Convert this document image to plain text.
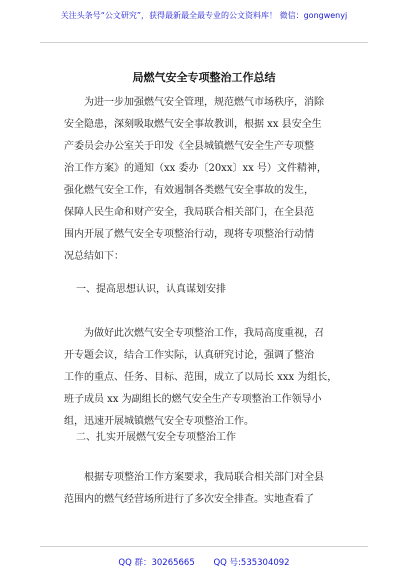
关注头条号“公文研究”，获得最新最全最专业的公文资料库！ 微信：gongwenyj
局燃气安全专项整治工作总结
为进一步加强燃气安全管理，规范燃气市场秩序，消除
安全隐患，深刻吸取燃气安全事故教训，根据 xx 县安全生
产委员会办公室关于印发《全县城镇燃气安全生产专项整
治工作方案》的通知（xx 委办〔20xx〕xx 号）文件精神，
强化燃气安全工作，有效遏制各类燃气安全事故的发生，
保障人民生命和财产安全，我局联合相关部门，在全县范
围内开展了燃气安全专项整治行动，现将专项整治行动情
况总结如下：
一、提高思想认识，认真谋划安排
为做好此次燃气安全专项整治工作，我局高度重视，召
开专题会议，结合工作实际，认真研究讨论，强调了整治
工作的重点、任务、目标、范围，成立了以局长 xxx 为组长，
班子成员 xx 为副组长的燃气安全生产专项整治工作领导小
组，迅速开展城镇燃气安全专项整治工作。
二、扎实开展燃气安全专项整治工作
根据专项整治工作方案要求，我局联合相关部门对全县
范围内的燃气经营场所进行了多次安全排查。实地查看了
QQ 群：30265665 QQ 号:535304092
